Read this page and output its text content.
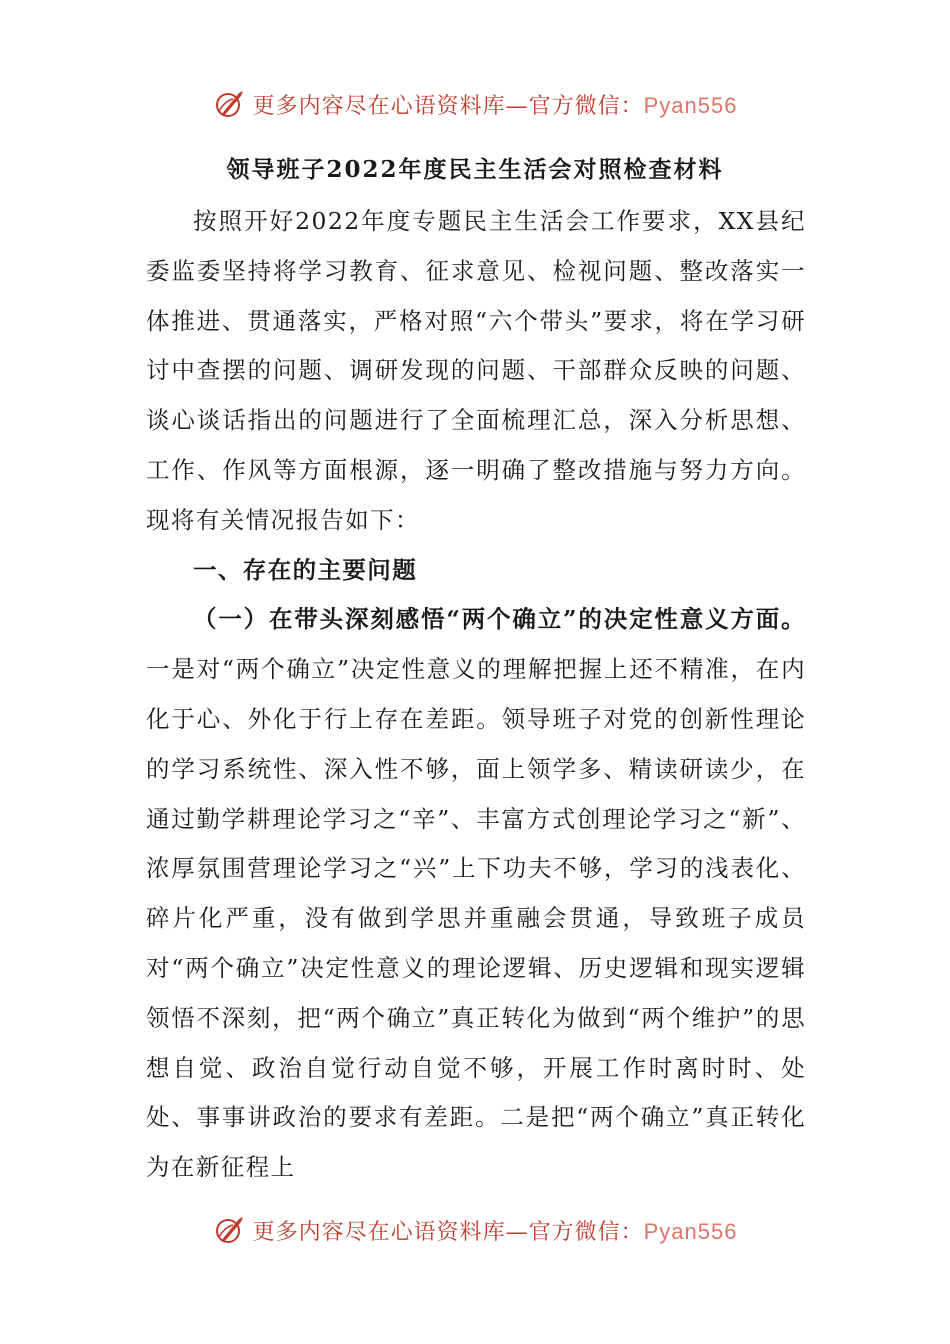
更多内容尽在心语资料库—官方微信：Pyan556
领导班子2022年度民主生活会对照检查材料

按照开好2022年度专题民主生活会工作要求，XX县纪委监委坚持将学习教育、征求意见、检视问题、整改落实一体推进、贯通落实，严格对照“六个带头”要求，将在学习研讨中查摆的问题、调研发现的问题、干部群众反映的问题、谈心谈话指出的问题进行了全面梳理汇总，深入分析思想、工作、作风等方面根源，逐一明确了整改措施与努力方向。现将有关情况报告如下：

一、存在的主要问题

（一）在带头深刻感悟“两个确立”的决定性意义方面。一是对“两个确立”决定性意义的理解把握上还不精准，在内化于心、外化于行上存在差距。领导班子对党的创新性理论的学习系统性、深入性不够，面上领学多、精读研读少，在通过勤学耕理论学习之“辛”、丰富方式创理论学习之“新”、浓厚氛围营理论学习之“兴”上下功夫不够，学习的浅表化、碎片化严重，没有做到学思并重融会贯通，导致班子成员对“两个确立”决定性意义的理论逻辑、历史逻辑和现实逻辑领悟不深刻，把“两个确立”真正转化为做到“两个维护”的思想自觉、政治自觉行动自觉不够，开展工作时离时时、处处、事事讲政治的要求有差距。二是把“两个确立”真正转化为在新征程上

更多内容尽在心语资料库—官方微信：Pyan556
